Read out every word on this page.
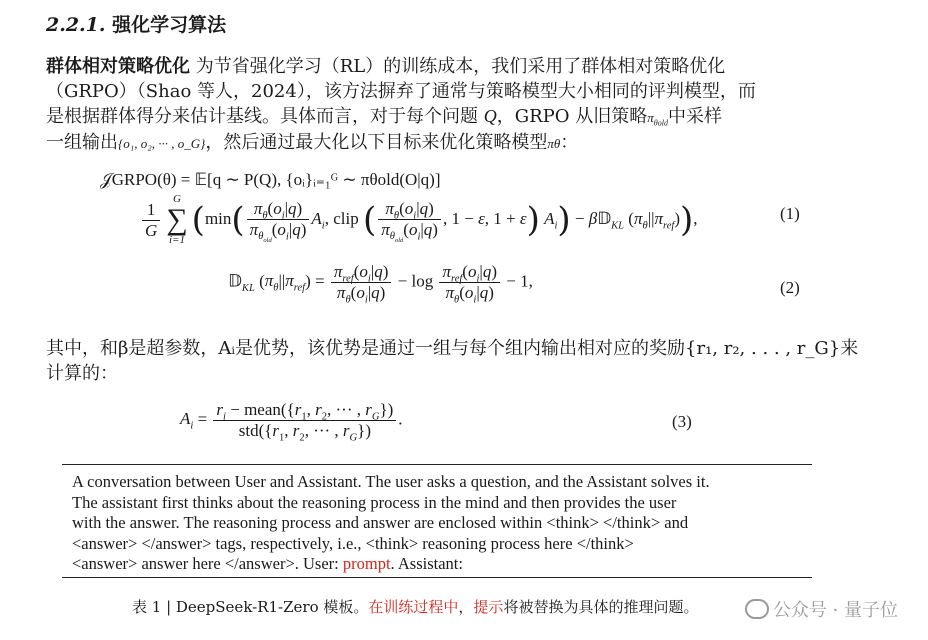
2.2.1. 强化学习算法
群体相对策略优化 为节省强化学习（RL）的训练成本，我们采用了群体相对策略优化
（GRPO）（Shao 等人，2024），该方法摒弃了通常与策略模型大小相同的评判模型，而
是根据群体得分来估计基线。具体而言，对于每个问题 Q，GRPO 从旧策略$\pi_{\theta old}$中采样
一组输出{o₁, o₂, ··· , o_G}，然后通过最大化以下目标来优化策略模型πθ：
𝒥GRPO(θ) = 𝔼[q ∼ P(Q), {oᵢ}ᵢ₌₁ᴳ ∼ πθold(O|q)]
$\frac{1}{G}$
G
∑
i=1 ($\min( \frac{\pi_\theta(o_i|q)}{\pi_{\theta_{old}}(o_i|q)} A_i$, clip ( $\frac{\pi_\theta(o_i|q)}{\pi_{\theta_{old}}(o_i|q)}$ , 1 − ε, 1 + ε) $A_i$) − β𝔻$_{KL}$ $(\pi_\theta||\pi_{ref})$),	(1)
𝔻$_{KL}$ $(\pi_\theta||\pi_{ref}) = \frac{\pi_{ref}(o_i|q)}{\pi_\theta(o_i|q)} - \log \frac{\pi_{ref}(o_i|q)}{\pi_\theta(o_i|q)} - 1$,	(2)
其中，和β是超参数，Aᵢ是优势，该优势是通过一组与每个组内输出相对应的奖励{r₁, r₂, . . . , r_G}来
计算的：
$A_i = \frac{r_i - mean(\{r_1, r_2, \cdot\cdot\cdot , r_G\})}{std(\{r_1, r_2, \cdot\cdot\cdot , r_G\})}$ .	(3)
A conversation between User and Assistant. The user asks a question, and the Assistant solves it.
The assistant first thinks about the reasoning process in the mind and then provides the user
with the answer. The reasoning process and answer are enclosed within <think> </think> and
<answer> </answer> tags, respectively, i.e., <think> reasoning process here </think>
<answer> answer here </answer>. User: prompt. Assistant:
表 1 | DeepSeek-R1-Zero 模板。在训练过程中，提示将被替换为具体的推理问题。	公众号 · 量子位
